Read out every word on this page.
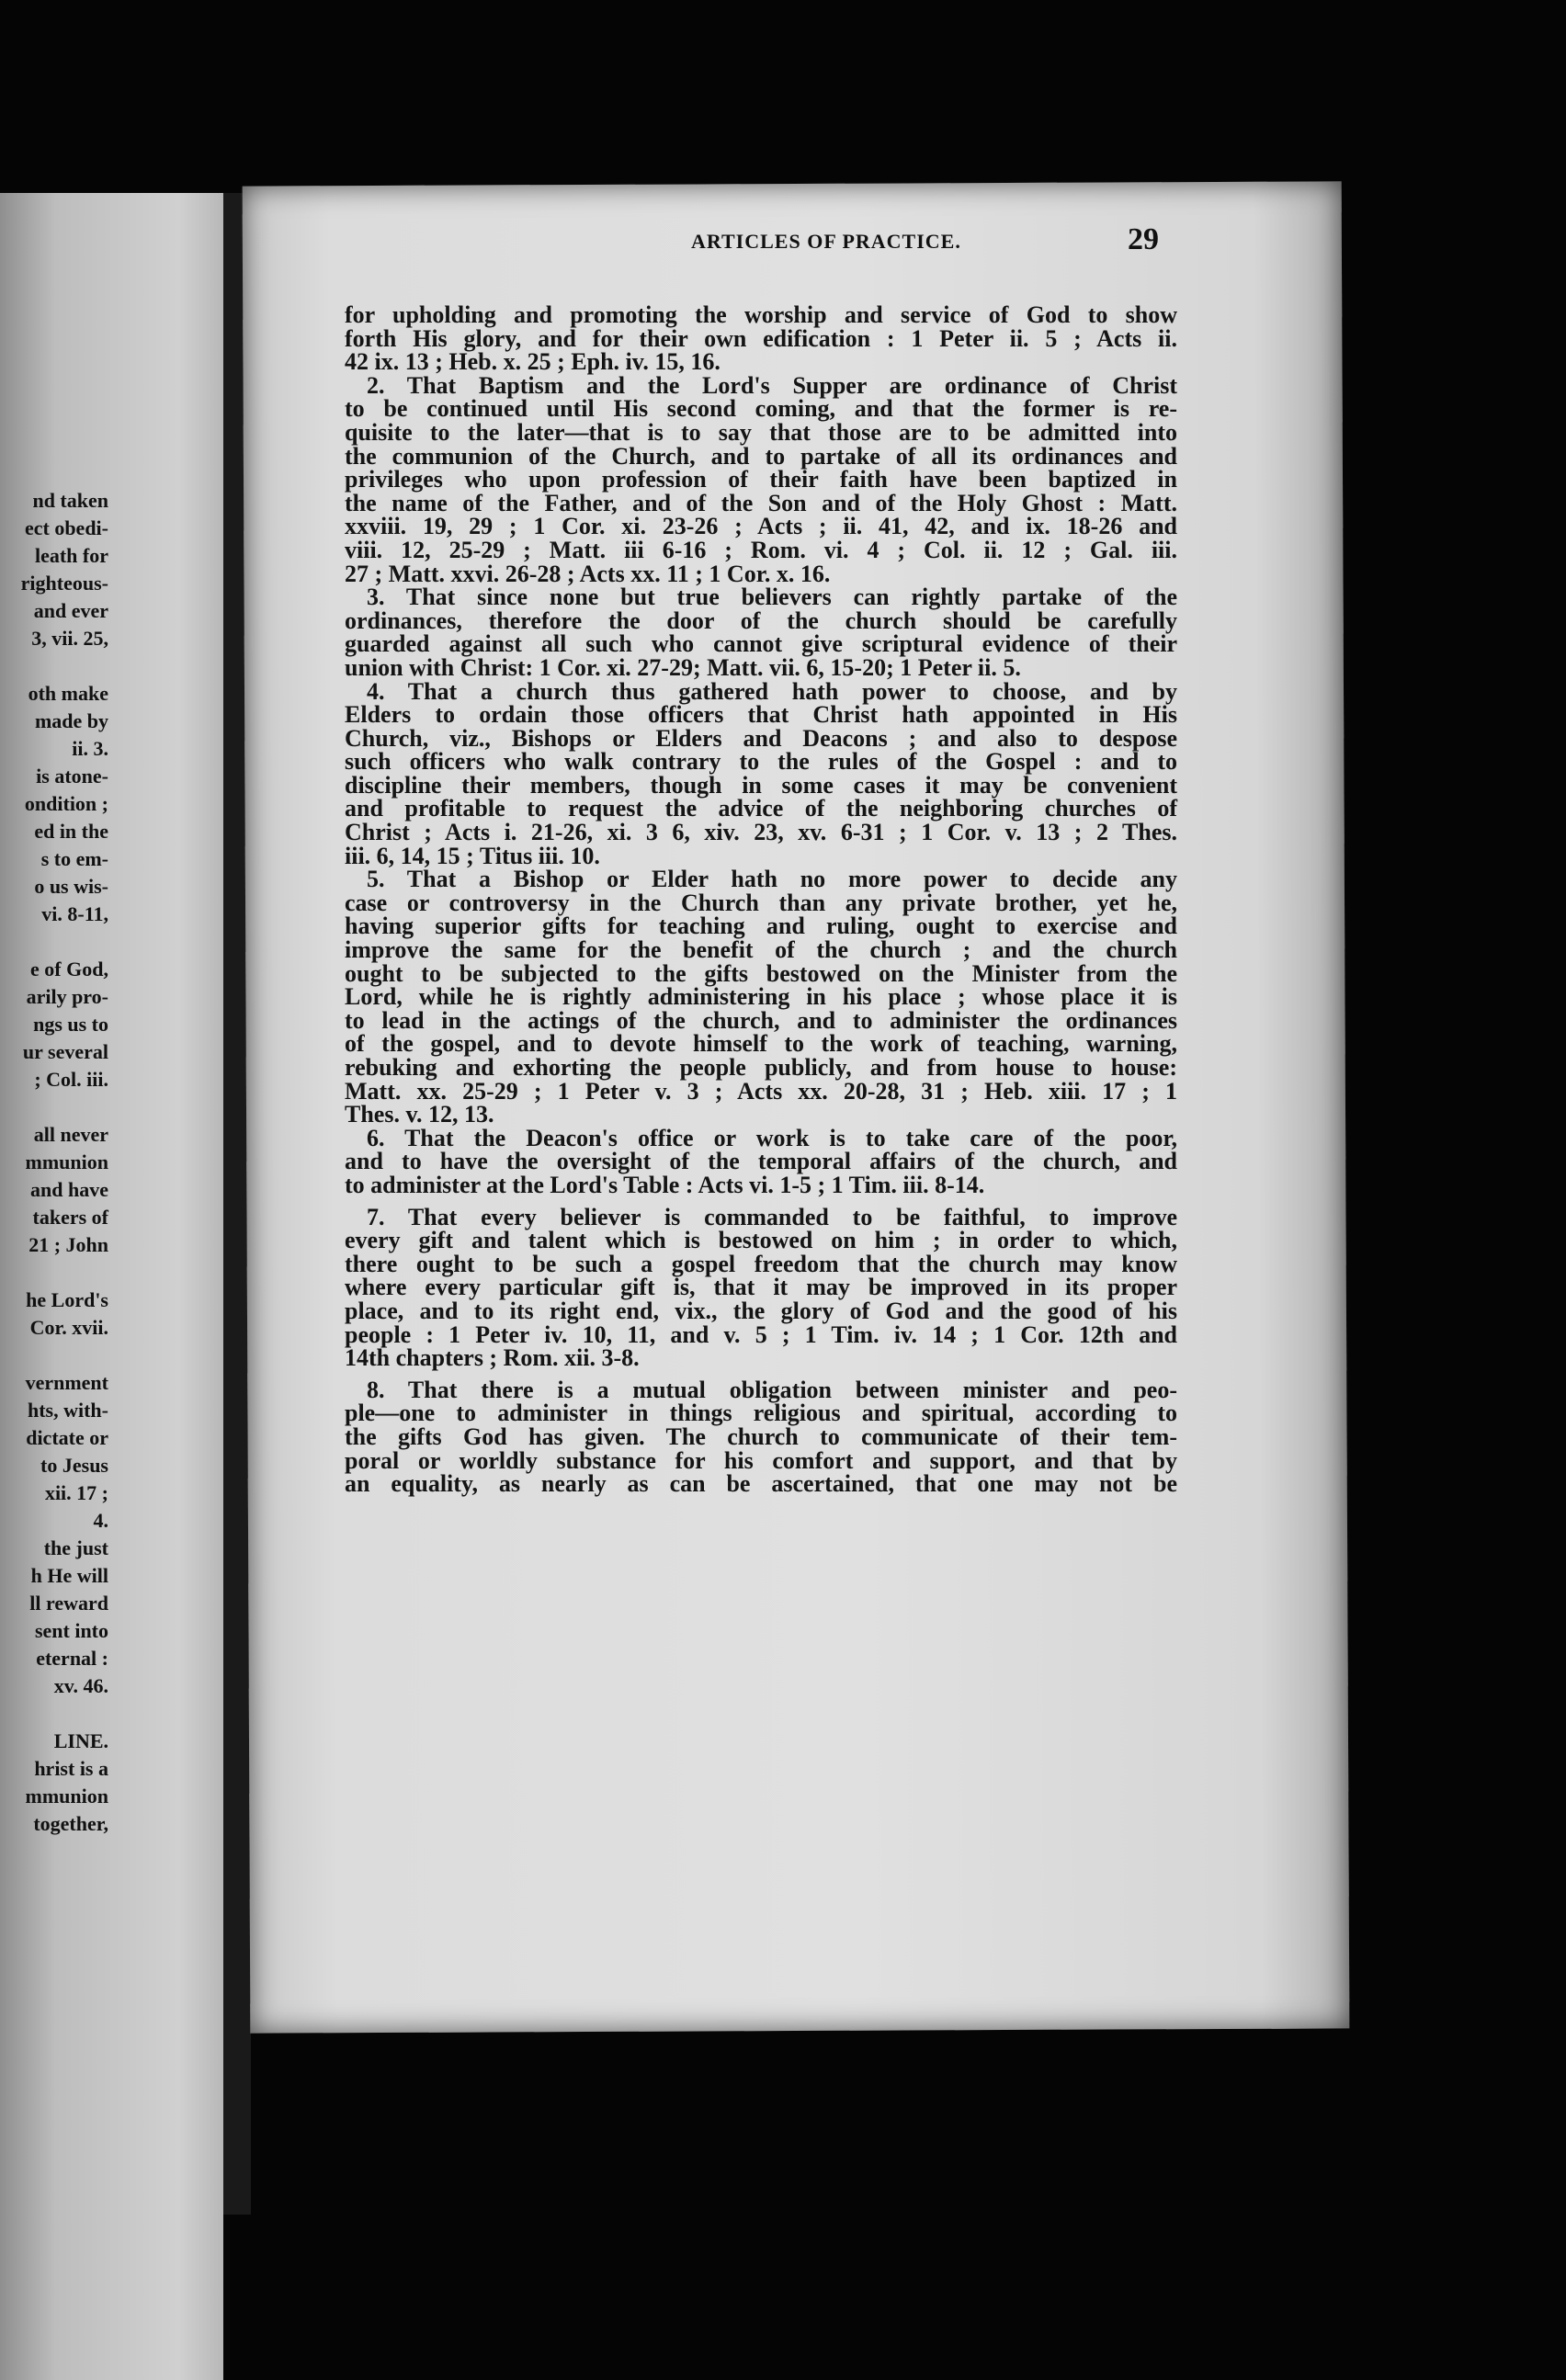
nd taken
ect obedi-
leath for
righteous-
and ever
3, vii. 25,
oth make
made by
ii. 3.
is atone-
ondition ;
ed in the
s to em-
o us wis-
vi. 8-11,
e of God,
arily pro-
ngs us to
ur several
; Col. iii.
all never
mmunion
and have
takers of
21 ; John
he Lord's
Cor. xvii.
vernment
hts, with-
dictate or
to Jesus
xii. 17 ;
4.
the just
h He will
ll reward
sent into
eternal :
xv. 46.
LINE.
hrist is a
mmunion
together,
ARTICLES OF PRACTICE.	29
for upholding and promoting the worship and service of God to show
forth His glory, and for their own edification : 1 Peter ii. 5 ; Acts ii.
42 ix. 13 ; Heb. x. 25 ; Eph. iv. 15, 16.
2. That Baptism and the Lord's Supper are ordinance of Christ
to be continued until His second coming, and that the former is re-
quisite to the later—that is to say that those are to be admitted into
the communion of the Church, and to partake of all its ordinances and
privileges who upon profession of their faith have been baptized in
the name of the Father, and of the Son and of the Holy Ghost : Matt.
xxviii. 19, 29 ; 1 Cor. xi. 23-26 ; Acts ; ii. 41, 42, and ix. 18-26 and
viii. 12, 25-29 ; Matt. iii 6-16 ; Rom. vi. 4 ; Col. ii. 12 ; Gal. iii.
27 ; Matt. xxvi. 26-28 ; Acts xx. 11 ; 1 Cor. x. 16.
3. That since none but true believers can rightly partake of the
ordinances, therefore the door of the church should be carefully
guarded against all such who cannot give scriptural evidence of their
union with Christ: 1 Cor. xi. 27-29; Matt. vii. 6, 15-20; 1 Peter ii. 5.
4. That a church thus gathered hath power to choose, and by
Elders to ordain those officers that Christ hath appointed in His
Church, viz., Bishops or Elders and Deacons ; and also to despose
such officers who walk contrary to the rules of the Gospel : and to
discipline their members, though in some cases it may be convenient
and profitable to request the advice of the neighboring churches of
Christ ; Acts i. 21-26, xi. 3 6, xiv. 23, xv. 6-31 ; 1 Cor. v. 13 ; 2 Thes.
iii. 6, 14, 15 ; Titus iii. 10.
5. That a Bishop or Elder hath no more power to decide any
case or controversy in the Church than any private brother, yet he,
having superior gifts for teaching and ruling, ought to exercise and
improve the same for the benefit of the church ; and the church
ought to be subjected to the gifts bestowed on the Minister from the
Lord, while he is rightly administering in his place ; whose place it is
to lead in the actings of the church, and to administer the ordinances
of the gospel, and to devote himself to the work of teaching, warning,
rebuking and exhorting the people publicly, and from house to house:
Matt. xx. 25-29 ; 1 Peter v. 3 ; Acts xx. 20-28, 31 ; Heb. xiii. 17 ; 1
Thes. v. 12, 13.
6. That the Deacon's office or work is to take care of the poor,
and to have the oversight of the temporal affairs of the church, and
to administer at the Lord's Table : Acts vi. 1-5 ; 1 Tim. iii. 8-14.
7. That every believer is commanded to be faithful, to improve
every gift and talent which is bestowed on him ; in order to which,
there ought to be such a gospel freedom that the church may know
where every particular gift is, that it may be improved in its proper
place, and to its right end, vix., the glory of God and the good of his
people : 1 Peter iv. 10, 11, and v. 5 ; 1 Tim. iv. 14 ; 1 Cor. 12th and
14th chapters ; Rom. xii. 3-8.
8. That there is a mutual obligation between minister and peo-
ple—one to administer in things religious and spiritual, according to
the gifts God has given. The church to communicate of their tem-
poral or worldly substance for his comfort and support, and that by
an equality, as nearly as can be ascertained, that one may not be
